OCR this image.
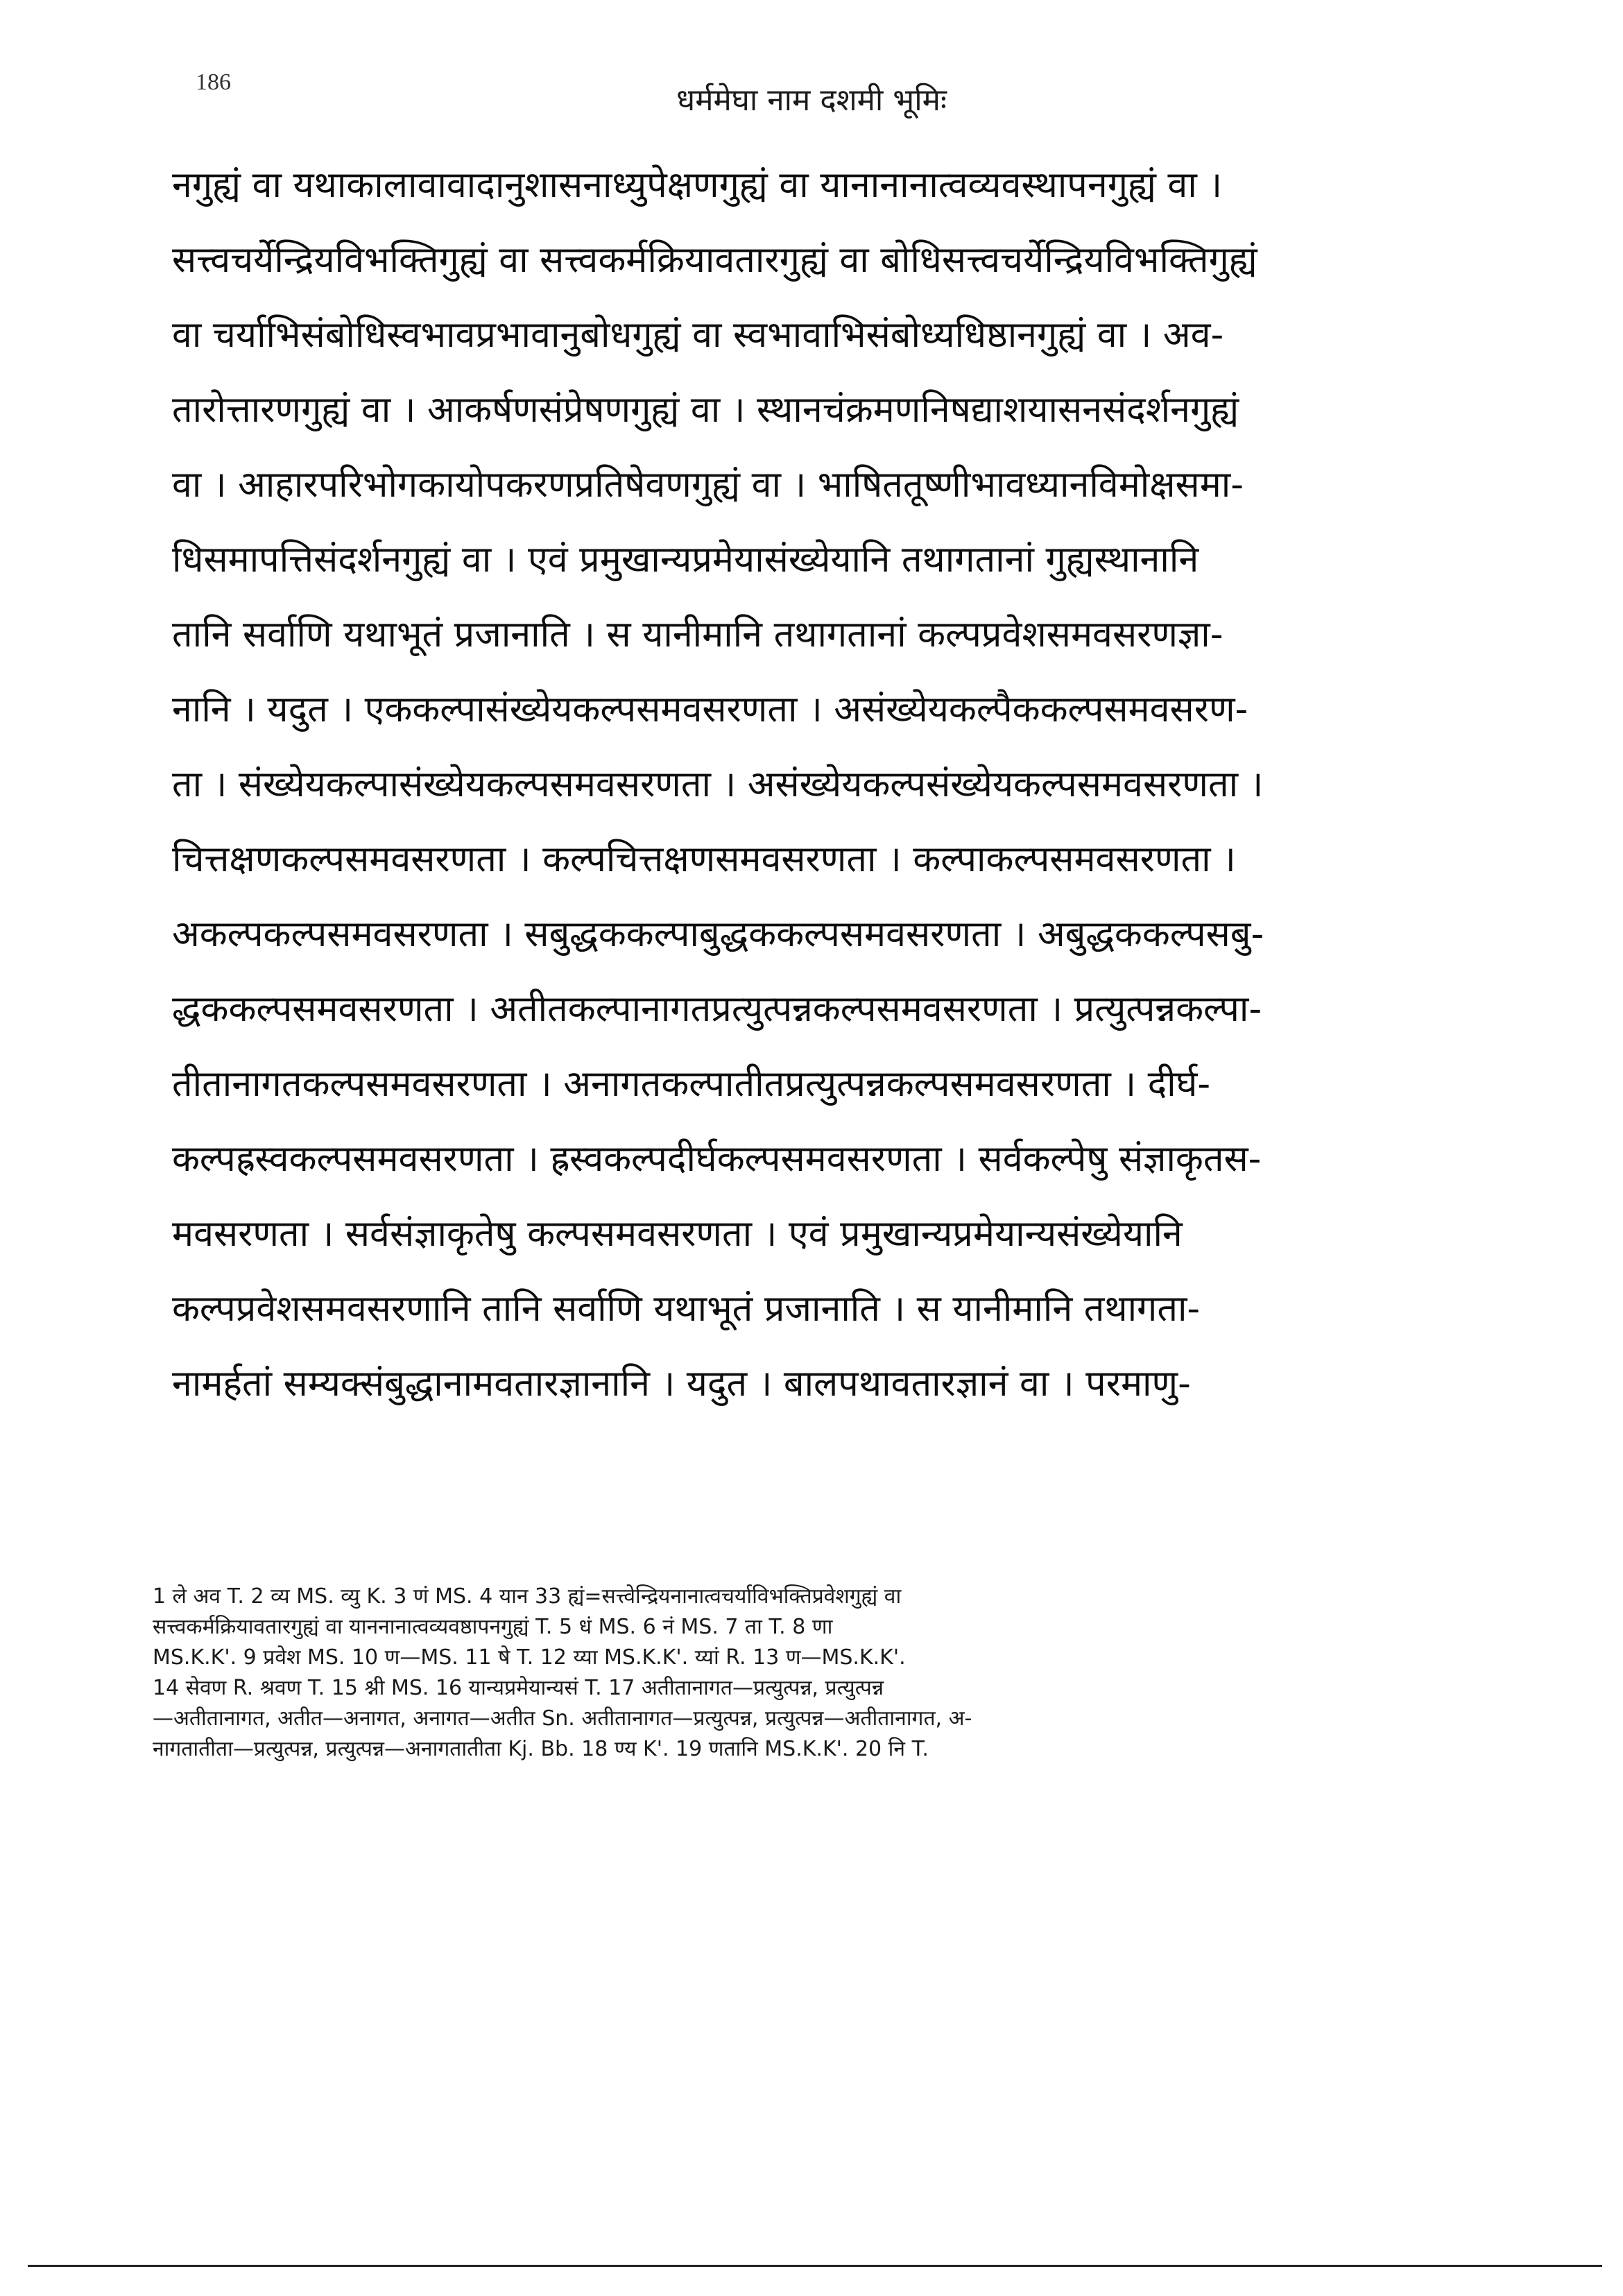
186
धर्ममेघा नाम दशमी भूमिः
नगुह्यं वा यथाकालावावादानुशासनाध्युपेक्षणगुह्यं वा यानानानात्वव्यवस्थापनगुह्यं वा ।
सत्त्वचर्येन्द्रियविभक्तिगुह्यं वा सत्त्वकर्मक्रियावतारगुह्यं वा बोधिसत्त्वचर्येन्द्रियविभक्तिगुह्यं
वा चर्याभिसंबोधिस्वभावप्रभावानुबोधगुह्यं वा स्वभावाभिसंबोध्यधिष्ठानगुह्यं वा । अव-
तारोत्तारणगुह्यं वा । आकर्षणसंप्रेषणगुह्यं वा । स्थानचंक्रमणनिषद्याशयासनसंदर्शनगुह्यं
वा । आहारपरिभोगकायोपकरणप्रतिषेवणगुह्यं वा । भाषिततूष्णीभावध्यानविमोक्षसमा-
धिसमापत्तिसंदर्शनगुह्यं वा । एवं प्रमुखान्यप्रमेयासंख्येयानि तथागतानां गुह्यस्थानानि
तानि सर्वाणि यथाभूतं प्रजानाति । स यानीमानि तथागतानां कल्पप्रवेशसमवसरणज्ञा-
नानि । यदुत । एककल्पासंख्येयकल्पसमवसरणता । असंख्येयकल्पैककल्पसमवसरण-
ता । संख्येयकल्पासंख्येयकल्पसमवसरणता । असंख्येयकल्पसंख्येयकल्पसमवसरणता ।
चित्तक्षणकल्पसमवसरणता । कल्पचित्तक्षणसमवसरणता । कल्पाकल्पसमवसरणता ।
अकल्पकल्पसमवसरणता । सबुद्धककल्पाबुद्धककल्पसमवसरणता । अबुद्धककल्पसबु-
द्धककल्पसमवसरणता । अतीतकल्पानागतप्रत्युत्पन्नकल्पसमवसरणता । प्रत्युत्पन्नकल्पा-
तीतानागतकल्पसमवसरणता । अनागतकल्पातीतप्रत्युत्पन्नकल्पसमवसरणता । दीर्घ-
कल्पह्रस्वकल्पसमवसरणता । ह्रस्वकल्पदीर्घकल्पसमवसरणता । सर्वकल्पेषु संज्ञाकृतस-
मवसरणता । सर्वसंज्ञाकृतेषु कल्पसमवसरणता । एवं प्रमुखान्यप्रमेयान्यसंख्येयानि
कल्पप्रवेशसमवसरणानि तानि सर्वाणि यथाभूतं प्रजानाति । स यानीमानि तथागता-
नामर्हतां सम्यक्संबुद्धानामवतारज्ञानानि । यदुत । बालपथावतारज्ञानं वा । परमाणु-
1 ले अव T. 2 व्य MS. व्यु K. 3 णं MS. 4 यान 33 ह्यं=सत्त्वेन्द्रियनानात्वचर्याविभक्तिप्रवेशगुह्यं वा
सत्त्वकर्मक्रियावतारगुह्यं वा याननानात्वव्यवष्ठापनगुह्यं T. 5 धं MS. 6 नं MS. 7 ता T. 8 णा
MS.K.K'. 9 प्रवेश MS. 10 ण—MS. 11 षे T. 12 य्या MS.K.K'. य्यां R. 13 ण—MS.K.K'.
14 सेवण R. श्रवण T. 15 श्नी MS. 16 यान्यप्रमेयान्यसं T. 17 अतीतानागत—प्रत्युत्पन्न, प्रत्युत्पन्न
—अतीतानागत, अतीत—अनागत, अनागत—अतीत Sn. अतीतानागत—प्रत्युत्पन्न, प्रत्युत्पन्न—अतीतानागत, अ-
नागतातीता—प्रत्युत्पन्न, प्रत्युत्पन्न—अनागतातीता Kj. Bb. 18 ण्य K'. 19 णतानि MS.K.K'. 20 नि T.
